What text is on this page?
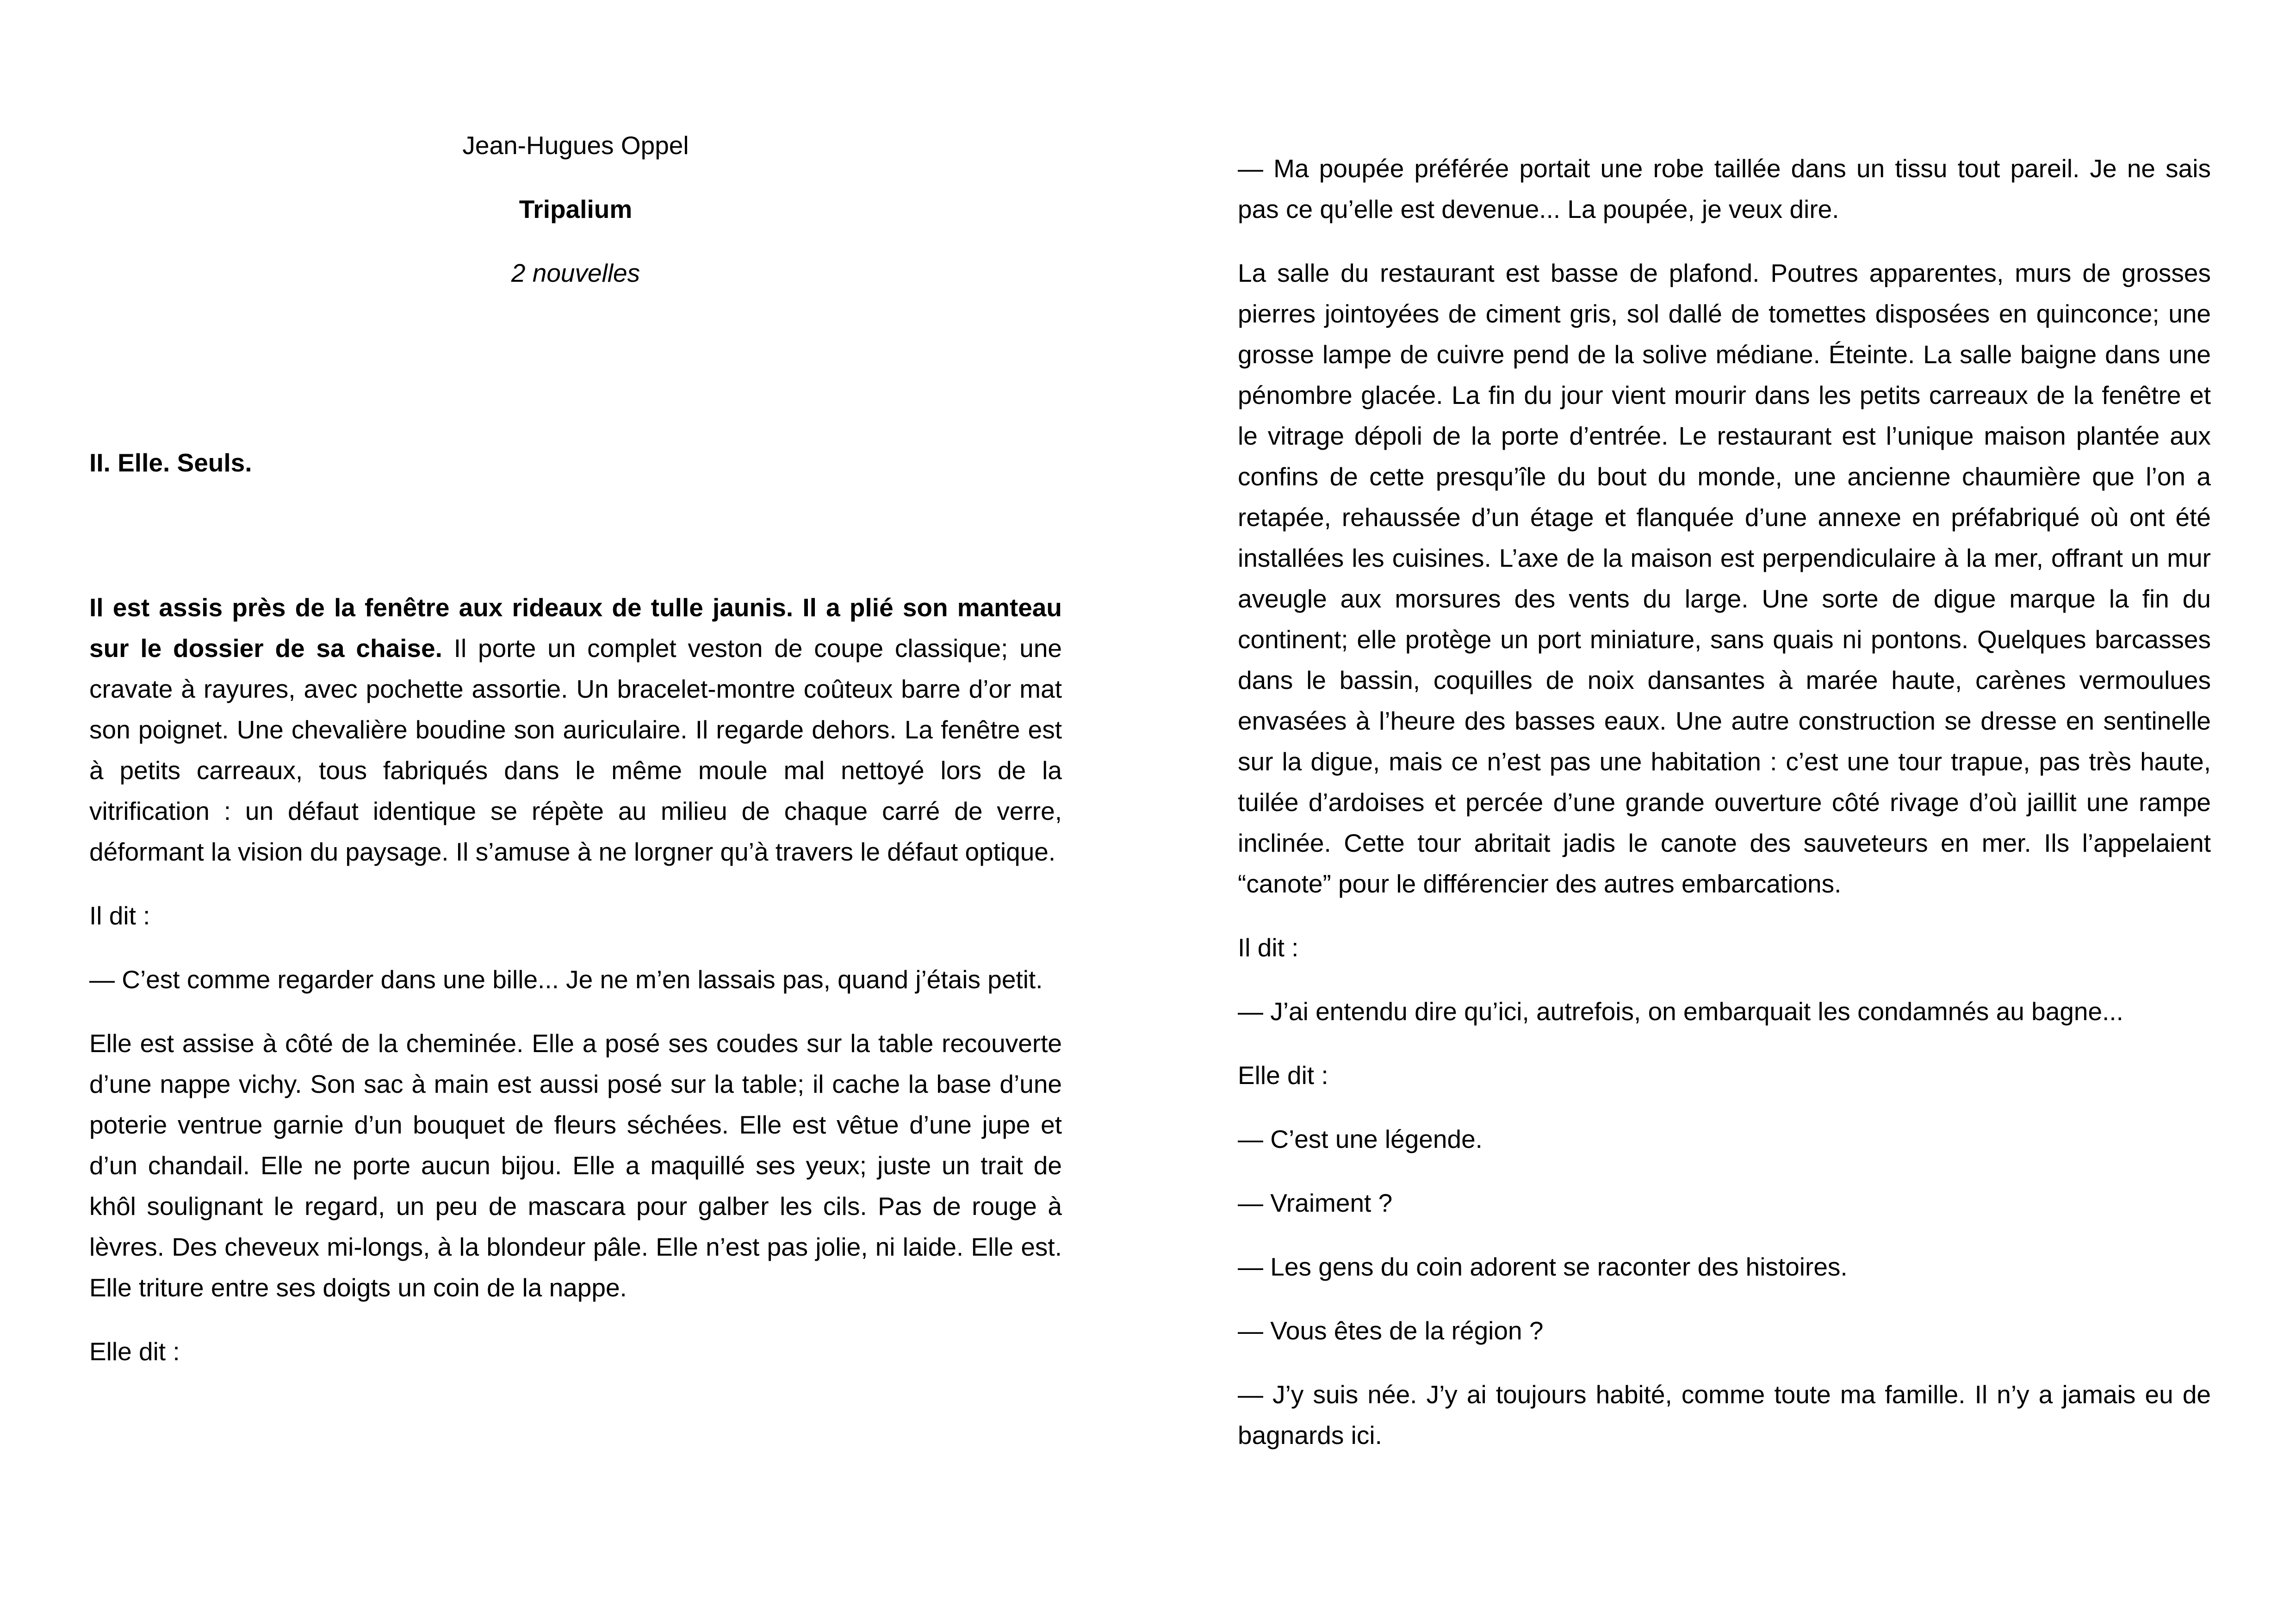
Jean-Hugues Oppel

Tripalium

2 nouvelles

II. Elle. Seuls.

Il est assis près de la fenêtre aux rideaux de tulle jaunis. Il a plié son manteau sur le dossier de sa chaise. Il porte un complet veston de coupe classique; une cravate à rayures, avec pochette assortie. Un bracelet-montre coûteux barre d’or mat son poignet. Une chevalière boudine son auriculaire. Il regarde dehors. La fenêtre est à petits carreaux, tous fabriqués dans le même moule mal nettoyé lors de la vitrification : un défaut identique se répète au milieu de chaque carré de verre, déformant la vision du paysage. Il s’amuse à ne lorgner qu’à travers le défaut optique.

Il dit :

— C’est comme regarder dans une bille... Je ne m’en lassais pas, quand j’étais petit.

Elle est assise à côté de la cheminée. Elle a posé ses coudes sur la table recouverte d’une nappe vichy. Son sac à main est aussi posé sur la table; il cache la base d’une poterie ventrue garnie d’un bouquet de fleurs séchées. Elle est vêtue d’une jupe et d’un chandail. Elle ne porte aucun bijou. Elle a maquillé ses yeux; juste un trait de khôl soulignant le regard, un peu de mascara pour galber les cils. Pas de rouge à lèvres. Des cheveux mi-longs, à la blondeur pâle. Elle n’est pas jolie, ni laide. Elle est. Elle triture entre ses doigts un coin de la nappe.

Elle dit :

— Ma poupée préférée portait une robe taillée dans un tissu tout pareil. Je ne sais pas ce qu’elle est devenue... La poupée, je veux dire.

La salle du restaurant est basse de plafond. Poutres apparentes, murs de grosses pierres jointoyées de ciment gris, sol dallé de tomettes disposées en quinconce; une grosse lampe de cuivre pend de la solive médiane. Éteinte. La salle baigne dans une pénombre glacée. La fin du jour vient mourir dans les petits carreaux de la fenêtre et le vitrage dépoli de la porte d’entrée. Le restaurant est l’unique maison plantée aux confins de cette presqu’île du bout du monde, une ancienne chaumière que l’on a retapée, rehaussée d’un étage et flanquée d’une annexe en préfabriqué où ont été installées les cuisines. L’axe de la maison est perpendiculaire à la mer, offrant un mur aveugle aux morsures des vents du large. Une sorte de digue marque la fin du continent; elle protège un port miniature, sans quais ni pontons. Quelques barcasses dans le bassin, coquilles de noix dansantes à marée haute, carènes vermoulues envasées à l’heure des basses eaux. Une autre construction se dresse en sentinelle sur la digue, mais ce n’est pas une habitation : c’est une tour trapue, pas très haute, tuilée d’ardoises et percée d’une grande ouverture côté rivage d’où jaillit une rampe inclinée. Cette tour abritait jadis le canote des sauveteurs en mer. Ils l’appelaient “canote” pour le différencier des autres embarcations.

Il dit :

— J’ai entendu dire qu’ici, autrefois, on embarquait les condamnés au bagne...

Elle dit :

— C’est une légende.

— Vraiment ?

— Les gens du coin adorent se raconter des histoires.

— Vous êtes de la région ?

— J’y suis née. J’y ai toujours habité, comme toute ma famille. Il n’y a jamais eu de bagnards ici.
